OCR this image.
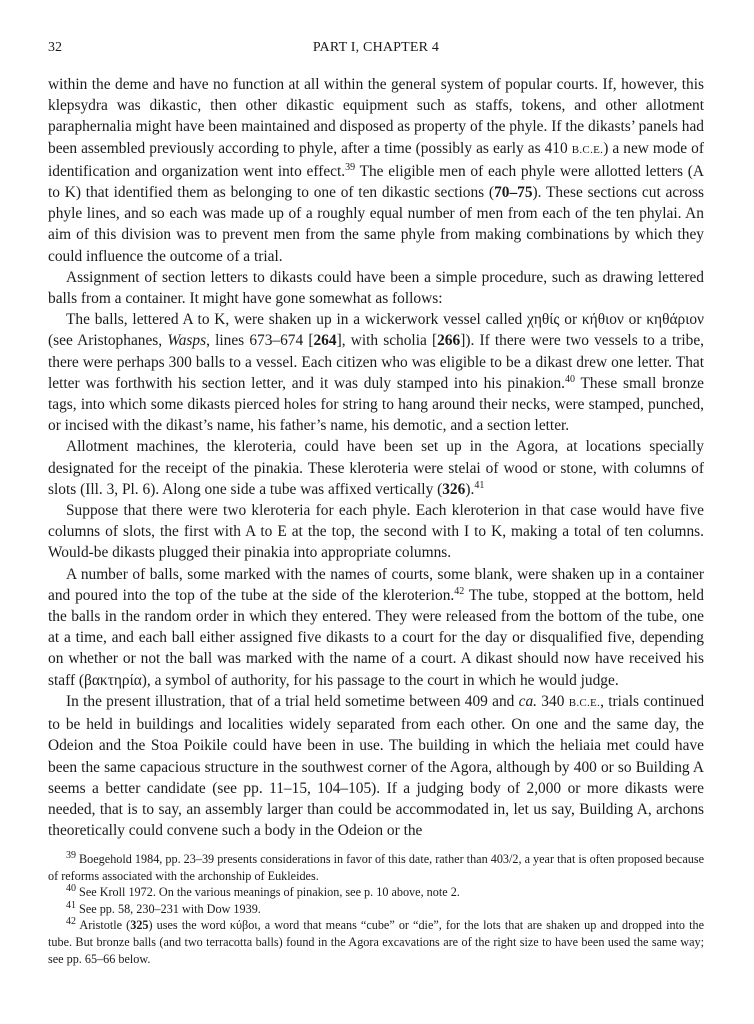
32	PART I, CHAPTER 4

within the deme and have no function at all within the general system of popular courts. If, however, this klepsydra was dikastic, then other dikastic equipment such as staffs, tokens, and other allotment paraphernalia might have been maintained and disposed as property of the phyle. If the dikasts’ panels had been assembled previously according to phyle, after a time (possibly as early as 410 B.C.E.) a new mode of identification and organization went into effect.$^{39}$ The eligible men of each phyle were allotted letters (A to K) that identified them as belonging to one of ten dikastic sections (70–75). These sections cut across phyle lines, and so each was made up of a roughly equal number of men from each of the ten phylai. An aim of this division was to prevent men from the same phyle from making combinations by which they could influence the outcome of a trial.

Assignment of section letters to dikasts could have been a simple procedure, such as drawing lettered balls from a container. It might have gone somewhat as follows:

The balls, lettered A to K, were shaken up in a wickerwork vessel called χηθίς or κήθιον or κηθάριον (see Aristophanes, Wasps, lines 673–674 [264], with scholia [266]). If there were two vessels to a tribe, there were perhaps 300 balls to a vessel. Each citizen who was eligible to be a dikast drew one letter. That letter was forthwith his section letter, and it was duly stamped into his pinakion.$^{40}$ These small bronze tags, into which some dikasts pierced holes for string to hang around their necks, were stamped, punched, or incised with the dikast’s name, his father’s name, his demotic, and a section letter.

Allotment machines, the kleroteria, could have been set up in the Agora, at locations specially designated for the receipt of the pinakia. These kleroteria were stelai of wood or stone, with columns of slots (Ill. 3, Pl. 6). Along one side a tube was affixed vertically (326).$^{41}$

Suppose that there were two kleroteria for each phyle. Each kleroterion in that case would have five columns of slots, the first with A to E at the top, the second with I to K, making a total of ten columns. Would-be dikasts plugged their pinakia into appropriate columns.

A number of balls, some marked with the names of courts, some blank, were shaken up in a container and poured into the top of the tube at the side of the kleroterion.$^{42}$ The tube, stopped at the bottom, held the balls in the random order in which they entered. They were released from the bottom of the tube, one at a time, and each ball either assigned five dikasts to a court for the day or disqualified five, depending on whether or not the ball was marked with the name of a court. A dikast should now have received his staff (βακτηρία), a symbol of authority, for his passage to the court in which he would judge.

In the present illustration, that of a trial held sometime between 409 and ca. 340 B.C.E., trials continued to be held in buildings and localities widely separated from each other. On one and the same day, the Odeion and the Stoa Poikile could have been in use. The building in which the heliaia met could have been the same capacious structure in the southwest corner of the Agora, although by 400 or so Building A seems a better candidate (see pp. 11–15, 104–105). If a judging body of 2,000 or more dikasts were needed, that is to say, an assembly larger than could be accommodated in, let us say, Building A, archons theoretically could convene such a body in the Odeion or the

$^{39}$ Boegehold 1984, pp. 23–39 presents considerations in favor of this date, rather than 403/2, a year that is often proposed because of reforms associated with the archonship of Eukleides.

$^{40}$ See Kroll 1972. On the various meanings of pinakion, see p. 10 above, note 2.

$^{41}$ See pp. 58, 230–231 with Dow 1939.

$^{42}$ Aristotle (325) uses the word κύβοι, a word that means “cube” or “die”, for the lots that are shaken up and dropped into the tube. But bronze balls (and two terracotta balls) found in the Agora excavations are of the right size to have been used the same way; see pp. 65–66 below.
